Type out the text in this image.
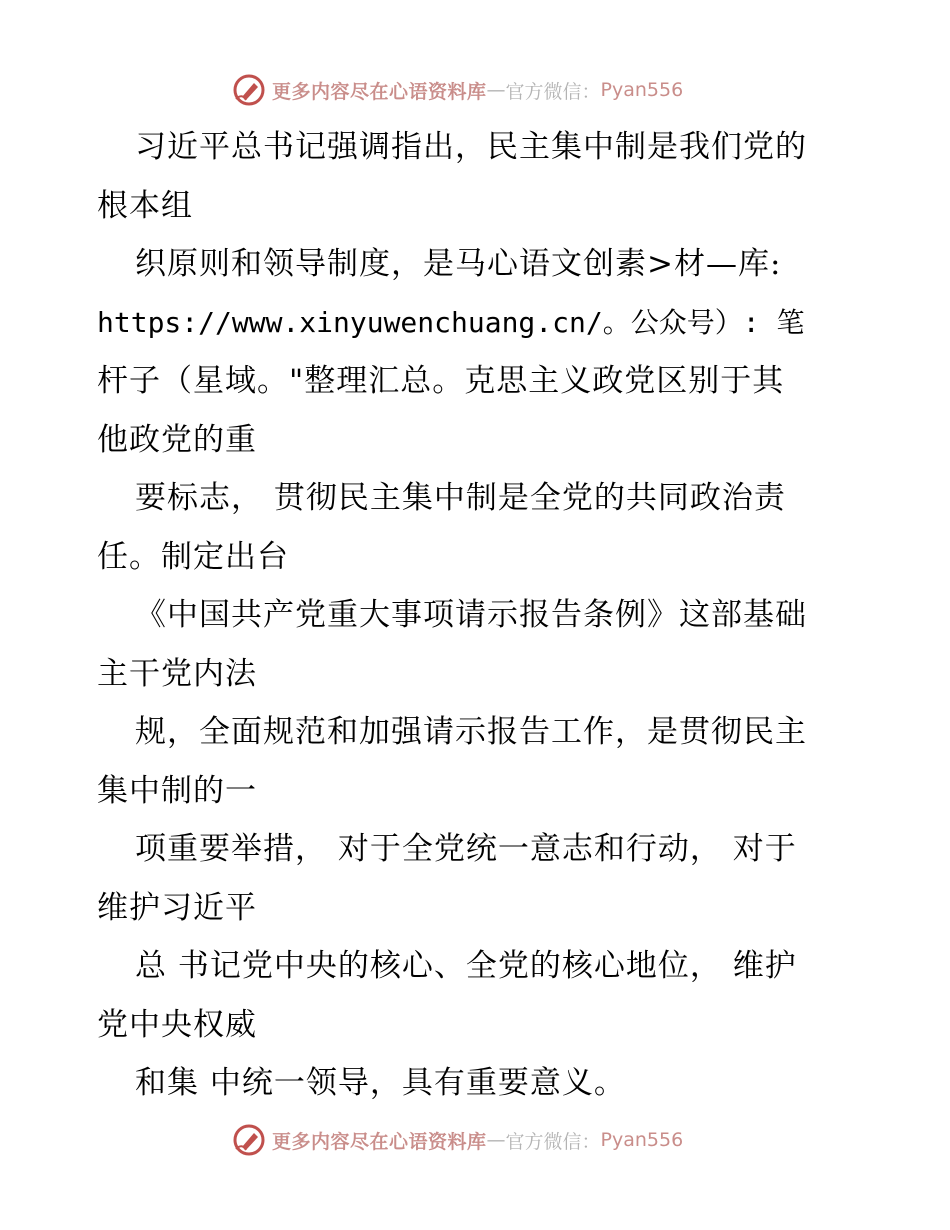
更多内容尽在心语资料库 — 官方微信： Pyan556
习近平总书记强调指出，民主集中制是我们党的
根本组
织原则和领导制度，是马心语文创素>材—库:
https://www.xinyuwenchuang.cn/。公众号）: 笔
杆子（星域。"整理汇总。克思主义政党区别于其
他政党的重
要标志， 贯彻民主集中制是全党的共同政治责
任。制定出台
《中国共产党重大事项请示报告条例》这部基础
主干党内法
规，全面规范和加强请示报告工作，是贯彻民主
集中制的一
项重要举措， 对于全党统一意志和行动， 对于
维护习近平
总 书记党中央的核心、全党的核心地位， 维护
党中央权威
和集 中统一领导，具有重要意义。
更多内容尽在心语资料库 — 官方微信： Pyan556
